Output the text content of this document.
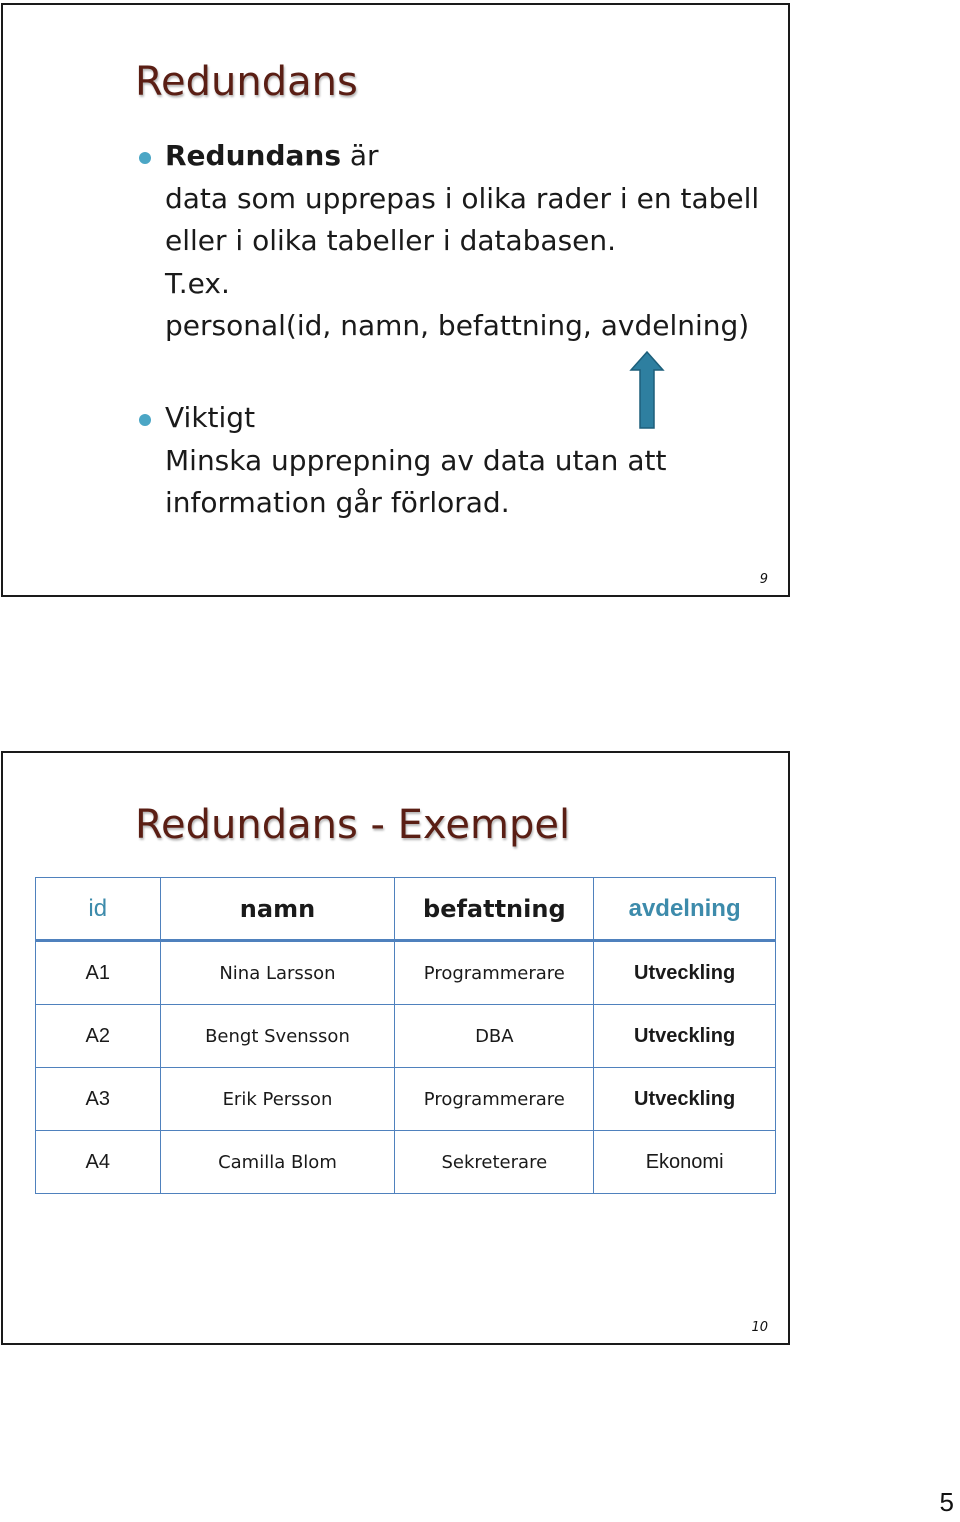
Redundans
Redundans är
data som upprepas i olika rader i en tabell
eller i olika tabeller i databasen.
T.ex.
personal(id, namn, befattning, avdelning)
Viktigt
Minska upprepning av data utan att
information går förlorad.
9
Redundans - Exempel
id	namn	befattning	avdelning
A1	Nina Larsson	Programmerare	Utveckling
A2	Bengt Svensson	DBA	Utveckling
A3	Erik Persson	Programmerare	Utveckling
A4	Camilla Blom	Sekreterare	Ekonomi
10
5
